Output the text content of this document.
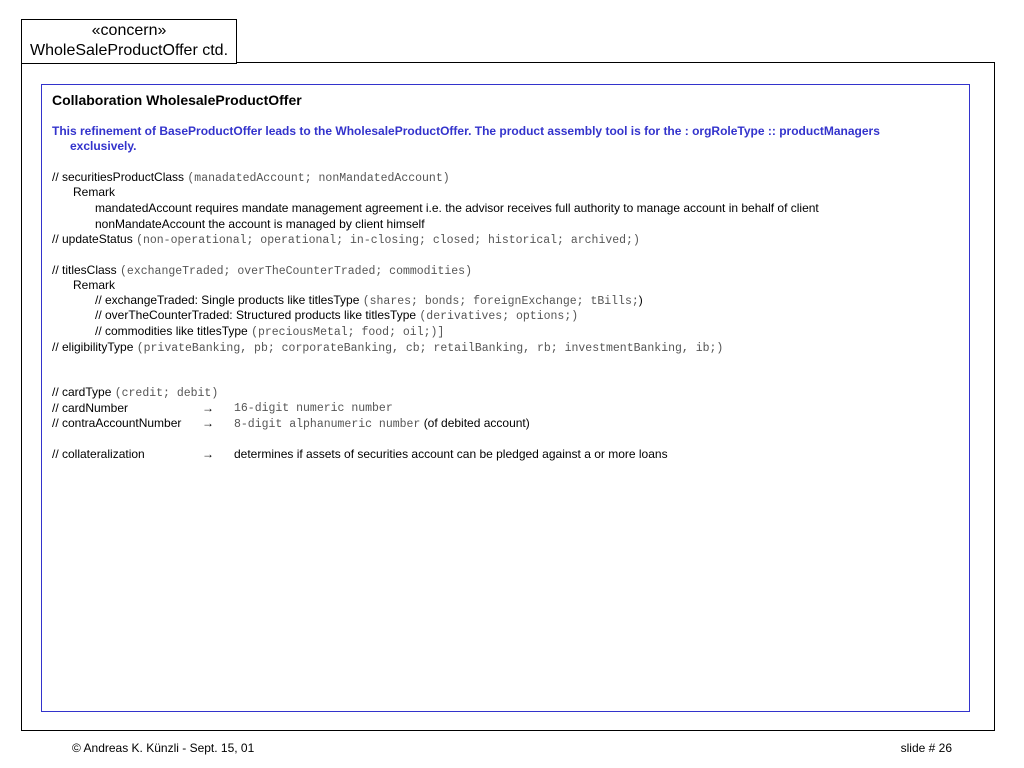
«concern»
WholeSaleProductOffer ctd.
Collaboration WholesaleProductOffer
This refinement of BaseProductOffer leads to the WholesaleProductOffer. The product assembly tool is for the : orgRoleType :: productManagers
exclusively.
// securitiesProductClass (manadatedAccount; nonMandatedAccount)
Remark
mandatedAccount requires mandate management agreement i.e. the advisor receives full authority to manage account in behalf of client
nonMandateAccount the account is managed by client himself
// updateStatus (non-operational; operational; in-closing; closed; historical; archived;)
// titlesClass (exchangeTraded; overTheCounterTraded; commodities)
Remark
// exchangeTraded: Single products like titlesType (shares; bonds; foreignExchange; tBills;)
// overTheCounterTraded: Structured products like titlesType (derivatives; options;)
// commodities like titlesType (preciousMetal; food; oil;)]
// eligibilityType (privateBanking, pb; corporateBanking, cb; retailBanking, rb; investmentBanking, ib;)
// cardType (credit; debit)
// cardNumber	→ 16-digit numeric number
// contraAccountNumber → 8-digit alphanumeric number (of debited account)
// collateralization	→ determines if assets of securities account can be pledged against a or more loans
© Andreas K. Künzli - Sept. 15, 01	slide # 26
